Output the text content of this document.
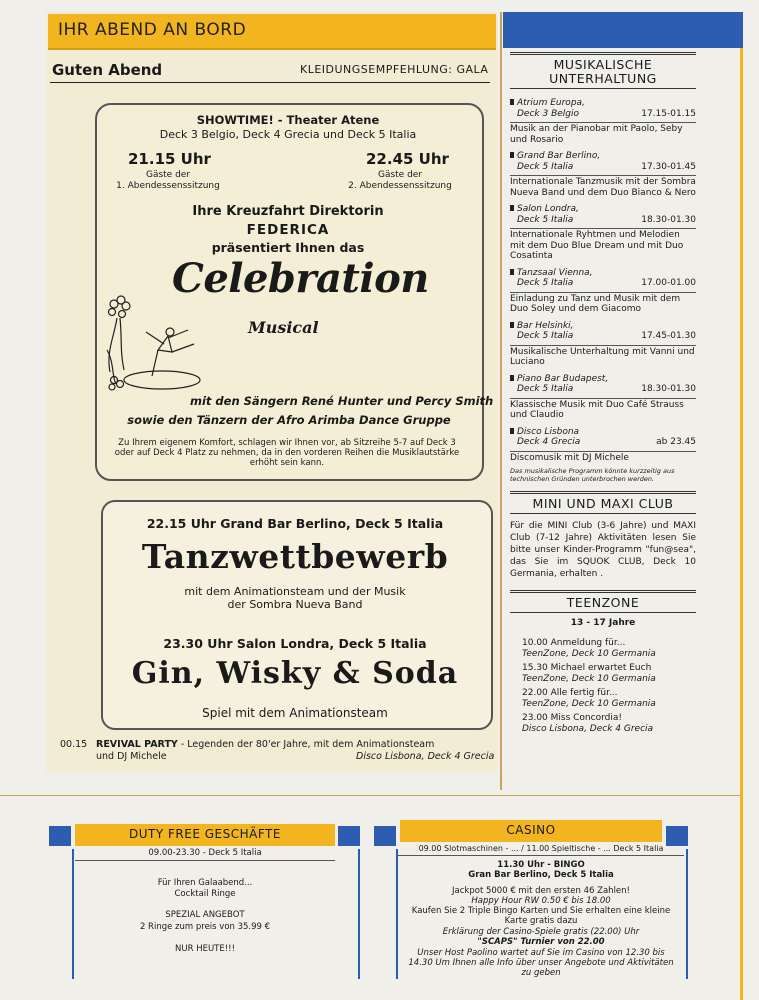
IHR ABEND AN BORD
Guten Abend	KLEIDUNGSEMPFEHLUNG: GALA
SHOWTIME! - Theater Atene
Deck 3 Belgio, Deck 4 Grecia und Deck 5 Italia
21.15 Uhr
Gäste der
1. Abendessenssitzung
22.45 Uhr
Gäste der
2. Abendessenssitzung
Ihre Kreuzfahrt Direktorin
FEDERICA
präsentiert Ihnen das
Celebration
Musical
mit den Sängern René Hunter und Percy Smith
sowie den Tänzern der Afro Arimba Dance Gruppe
Zu Ihrem eigenem Komfort, schlagen wir Ihnen vor, ab Sitzreihe 5-7 auf Deck 3 oder auf Deck 4 Platz zu nehmen, da in den vorderen Reihen die Musiklautstärke erhöht sein kann.
22.15 Uhr Grand Bar Berlino, Deck 5 Italia
Tanzwettbewerb
mit dem Animationsteam und der Musik
der Sombra Nueva Band
23.30 Uhr Salon Londra, Deck 5 Italia
Gin, Wisky & Soda
Spiel mit dem Animationsteam
00.15 REVIVAL PARTY - Legenden der 80'er Jahre, mit dem Animationsteam
und DJ Michele	Disco Lisbona, Deck 4 Grecia
MUSIKALISCHE
UNTERHALTUNG
Atrium Europa,
Deck 3 Belgio	17.15-01.15
Musik an der Pianobar mit Paolo, Seby und Rosario
Grand Bar Berlino,
Deck 5 Italia	17.30-01.45
Internationale Tanzmusik mit der Sombra Nueva Band und dem Duo Bianco & Nero
Salon Londra,
Deck 5 Italia	18.30-01.30
Internationale Ryhtmen und Melodien mit dem Duo Blue Dream und mit Duo Cosatinta
Tanzsaal Vienna,
Deck 5 Italia	17.00-01.00
Einladung zu Tanz und Musik mit dem Duo Soley und dem Giacomo
Bar Helsinki,
Deck 5 Italia	17.45-01.30
Musikalische Unterhaltung mit Vanni und Luciano
Piano Bar Budapest,
Deck 5 Italia	18.30-01.30
Klassische Musik mit Duo Café Strauss und Claudio
Disco Lisbona
Deck 4 Grecia	ab 23.45
Discomusik mit DJ Michele
Das musikalische Programm könnte kurzzeitig aus technischen Gründen unterbrochen werden.
MINI UND MAXI CLUB
Für die MINI Club (3-6 Jahre) und MAXI Club (7-12 Jahre) Aktivitäten lesen Sie bitte unser Kinder-Programm "fun@sea", das Sie im SQUOK CLUB, Deck 10 Germania, erhalten .
TEENZONE
13 - 17 Jahre
10.00 Anmeldung für...
TeenZone, Deck 10 Germania
15.30 Michael erwartet Euch
TeenZone, Deck 10 Germania
22.00 Alle fertig für...
TeenZone, Deck 10 Germania
23.00 Miss Concordia!
Disco Lisbona, Deck 4 Grecia
DUTY FREE GESCHÄFTE
09.00-23.30 - Deck 5 Italia
Für Ihren Galaabend...
Cocktail Ringe
SPEZIAL ANGEBOT
2 Ringe zum preis von 35.99 €
NUR HEUTE!!!
CASINO
09.00 Slotmaschinen - ... / 11.00 Spieltische - ... Deck 5 Italia
11.30 Uhr - BINGO
Gran Bar Berlino, Deck 5 Italia
Jackpot 5000 € mit den ersten 46 Zahlen!
Happy Hour RW 0.50 € bis 18.00
Kaufen Sie 2 Triple Bingo Karten und Sie erhalten eine kleine Karte gratis dazu
Erklärung der Casino-Spiele gratis (22.00) Uhr
"SCAPS" Turnier von 22.00
Unser Host Paolino wartet auf Sie im Casino von 12.30 bis 14.30 Um Ihnen alle Info über unser Angebote und Aktivitäten zu geben
